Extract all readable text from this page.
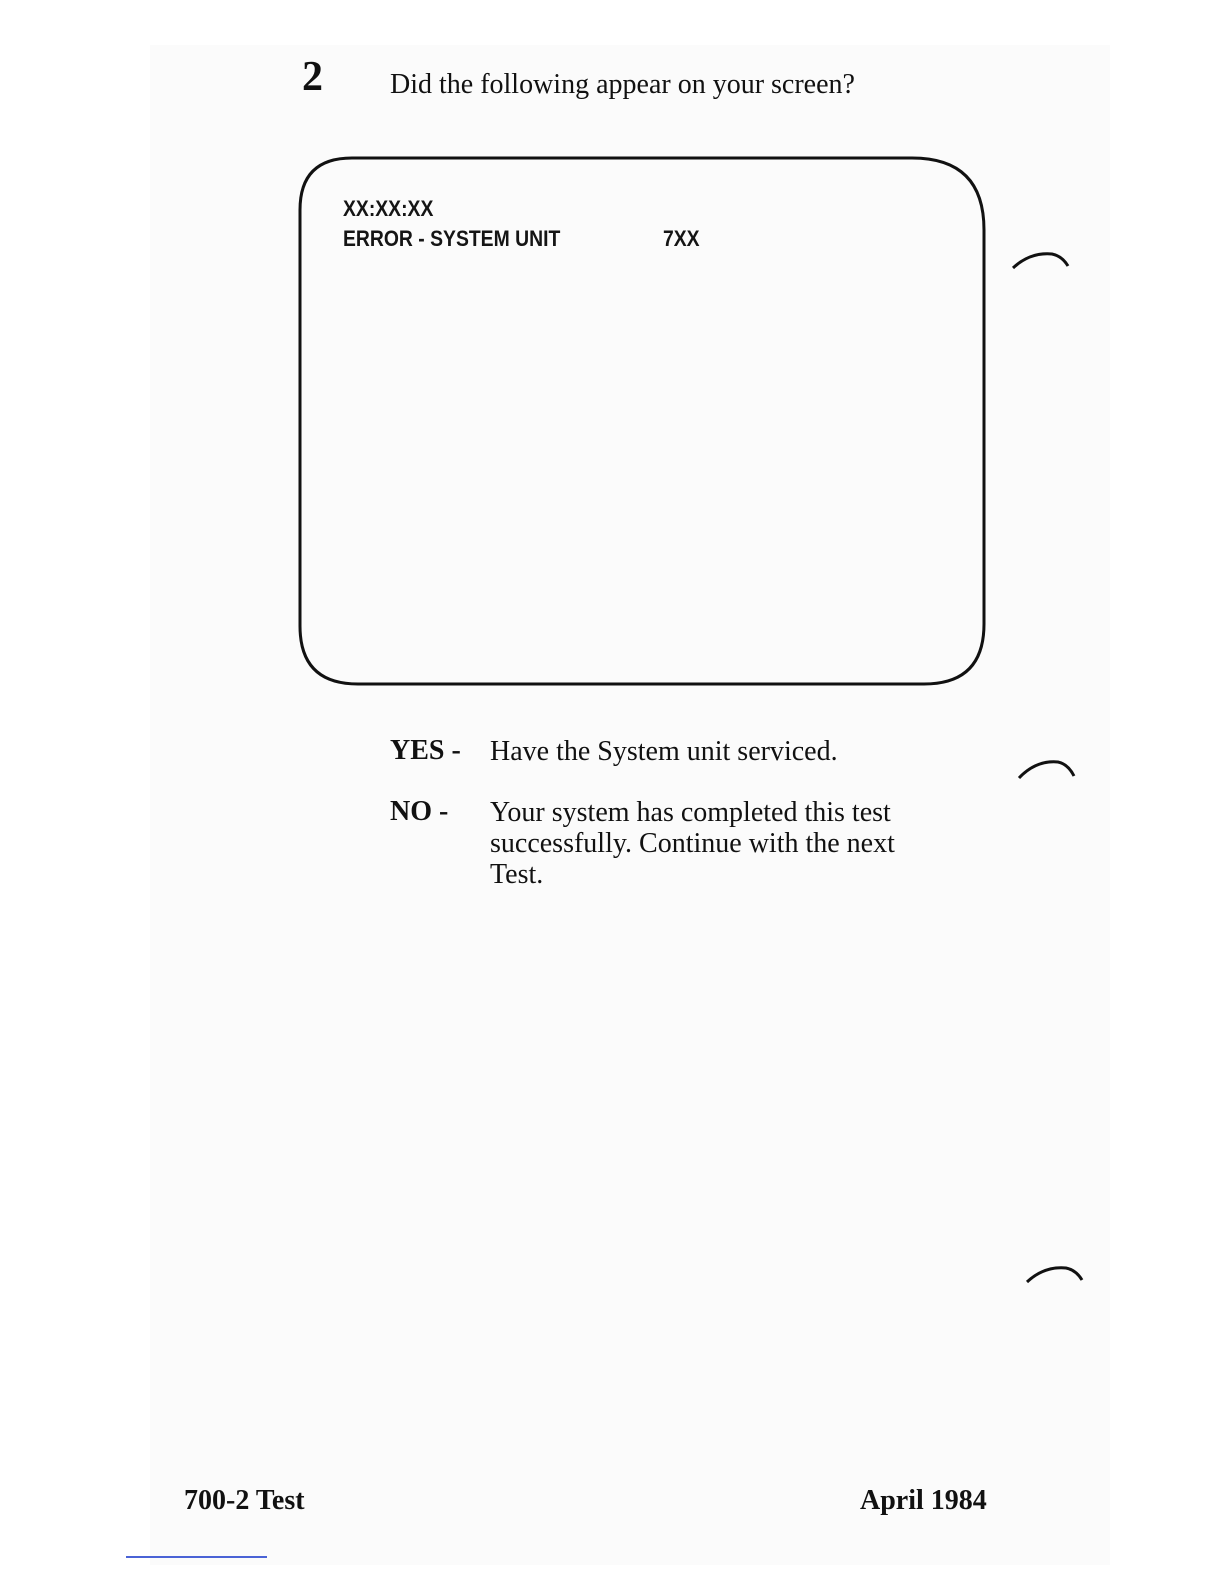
2 Did the following appear on your screen?
XX:XX:XX
ERROR - SYSTEM UNIT	7XX
YES - Have the System unit serviced.
NO - Your system has completed this test
successfully. Continue with the next
Test.
700-2 Test	April 1984
